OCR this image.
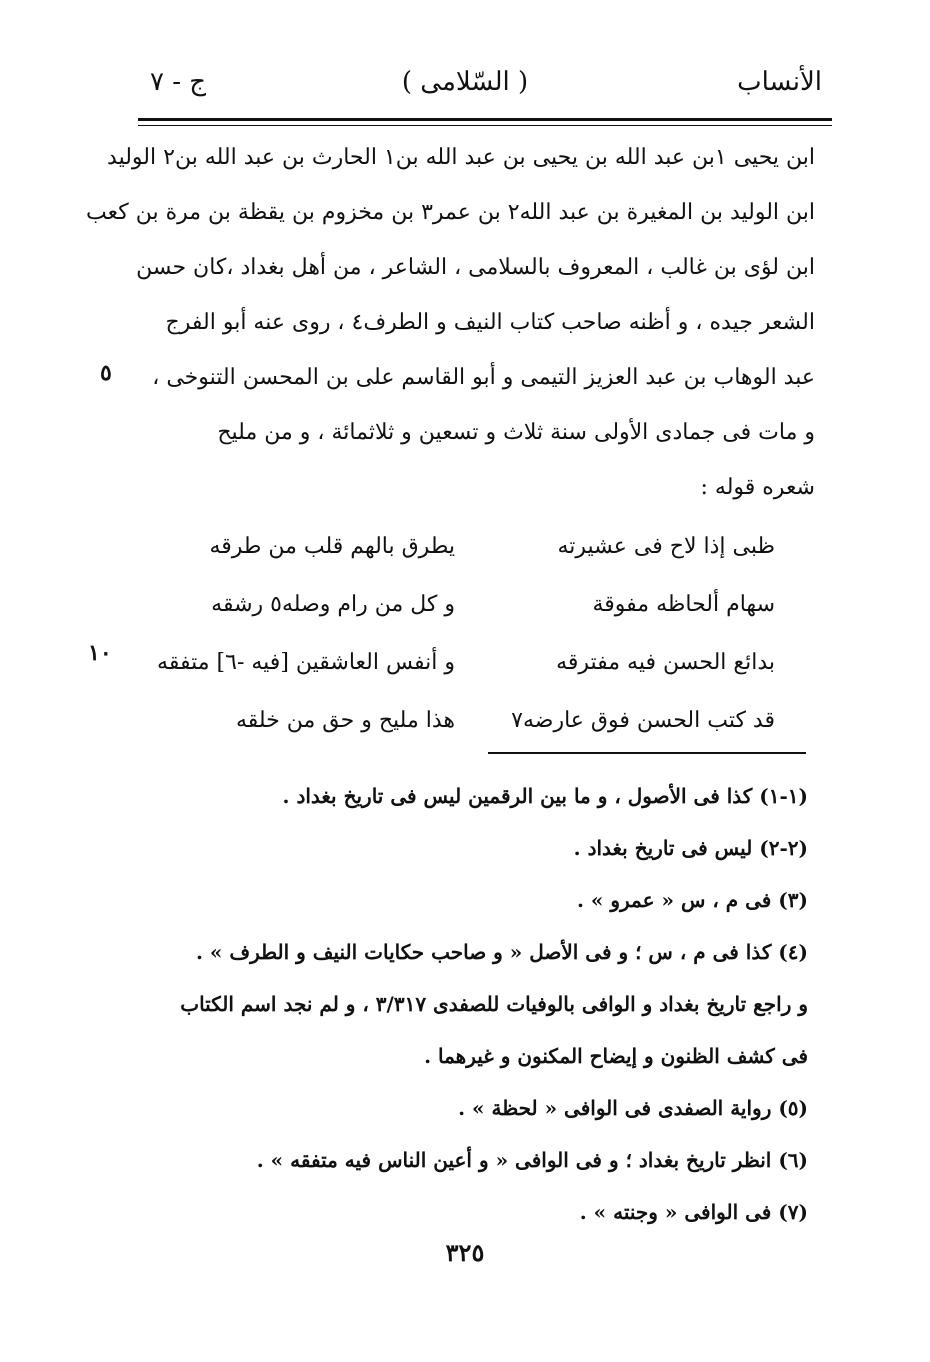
الأنساب
( السّلامى )
ج - ٧
ابن يحيى ١بن عبد الله بن يحيى بن عبد الله بن١ الحارث بن عبد الله بن٢ الوليد
ابن الوليد بن المغيرة بن عبد الله٢ بن عمر٣ بن مخزوم بن يقظة بن مرة بن كعب
ابن لؤى بن غالب ، المعروف بالسلامى ، الشاعر ، من أهل بغداد ،كان حسن
الشعر جيده ، و أظنه صاحب كتاب النيف و الطرف٤ ، روى عنه أبو الفرج
عبد الوهاب بن عبد العزيز التيمى و أبو القاسم على بن المحسن التنوخى ،
و مات فى جمادى الأولى سنة ثلاث و تسعين و ثلاثمائة ، و من مليح
شعره قوله :
٥
١٠
ظبى إذا لاح فى عشيرته
يطرق بالهم قلب من طرقه
سهام ألحاظه مفوقة
و كل من رام وصله٥ رشقه
بدائع الحسن فيه مفترقه
و أنفس العاشقين [فيه -٦] متفقه
قد كتب الحسن فوق عارضه٧
هذا مليح و حق من خلقه
(١-١) كذا فى الأصول ، و ما بين الرقمين ليس فى تاريخ بغداد .
(٢-٢) ليس فى تاريخ بغداد .
(٣) فى م ، س « عمرو » .
(٤) كذا فى م ، س ؛ و فى الأصل « و صاحب حكايات النيف و الطرف » .
و راجع تاريخ بغداد و الوافى بالوفيات للصفدى ٣/٣١٧ ، و لم نجد اسم الكتاب
فى كشف الظنون و إيضاح المكنون و غيرهما .
(٥) رواية الصفدى فى الوافى « لحظة » .
(٦) انظر تاريخ بغداد ؛ و فى الوافى « و أعين الناس فيه متفقه » .
(٧) فى الوافى « وجنته » .
٣٢٥
